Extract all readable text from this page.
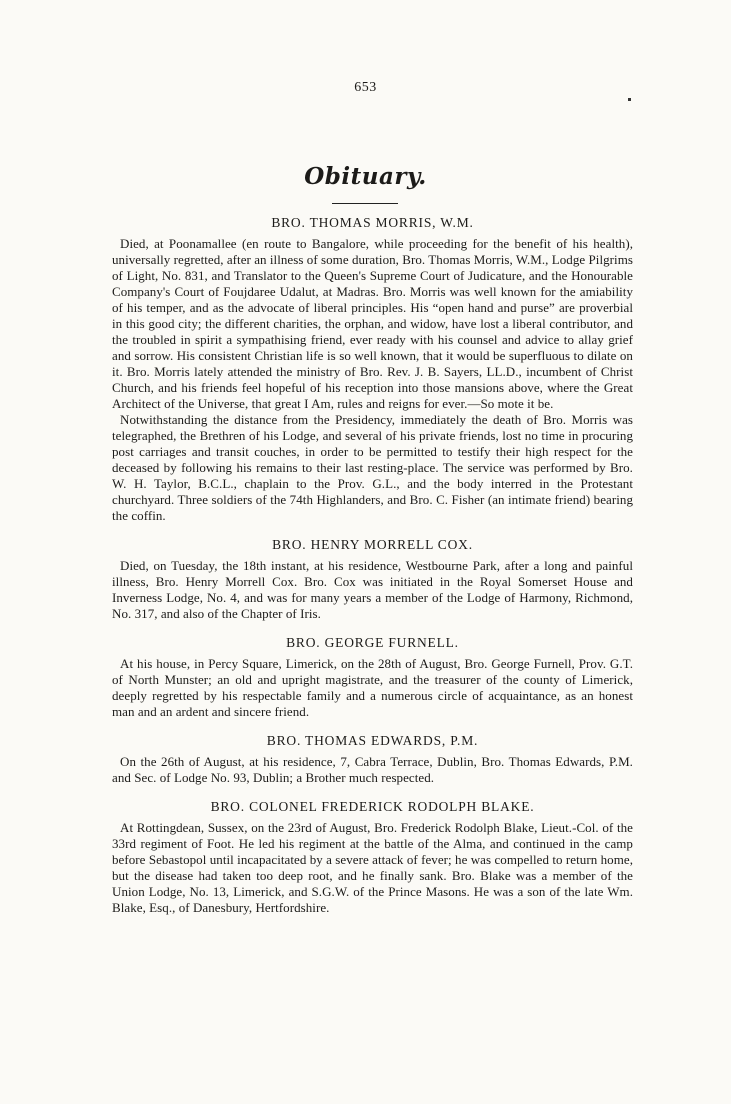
653
Obituary.
BRO. THOMAS MORRIS, W.M.

Died, at Poonamallee (en route to Bangalore, while proceeding for the benefit of his health), universally regretted, after an illness of some duration, Bro. Thomas Morris, W.M., Lodge Pilgrims of Light, No. 831, and Translator to the Queen's Supreme Court of Judicature, and the Honourable Company's Court of Foujdaree Udalut, at Madras. Bro. Morris was well known for the amiability of his temper, and as the advocate of liberal principles. His “open hand and purse” are proverbial in this good city; the different charities, the orphan, and widow, have lost a liberal contributor, and the troubled in spirit a sympathising friend, ever ready with his counsel and advice to allay grief and sorrow. His consistent Christian life is so well known, that it would be superfluous to dilate on it. Bro. Morris lately attended the ministry of Bro. Rev. J. B. Sayers, LL.D., incumbent of Christ Church, and his friends feel hopeful of his reception into those mansions above, where the Great Architect of the Universe, that great I Am, rules and reigns for ever.—So mote it be.

Notwithstanding the distance from the Presidency, immediately the death of Bro. Morris was telegraphed, the Brethren of his Lodge, and several of his private friends, lost no time in procuring post carriages and transit couches, in order to be permitted to testify their high respect for the deceased by following his remains to their last resting-place. The service was performed by Bro. W. H. Taylor, B.C.L., chaplain to the Prov. G.L., and the body interred in the Protestant churchyard. Three soldiers of the 74th Highlanders, and Bro. C. Fisher (an intimate friend) bearing the coffin.

BRO. HENRY MORRELL COX.

Died, on Tuesday, the 18th instant, at his residence, Westbourne Park, after a long and painful illness, Bro. Henry Morrell Cox. Bro. Cox was initiated in the Royal Somerset House and Inverness Lodge, No. 4, and was for many years a member of the Lodge of Harmony, Richmond, No. 317, and also of the Chapter of Iris.

BRO. GEORGE FURNELL.

At his house, in Percy Square, Limerick, on the 28th of August, Bro. George Furnell, Prov. G.T. of North Munster; an old and upright magistrate, and the treasurer of the county of Limerick, deeply regretted by his respectable family and a numerous circle of acquaintance, as an honest man and an ardent and sincere friend.

BRO. THOMAS EDWARDS, P.M.

On the 26th of August, at his residence, 7, Cabra Terrace, Dublin, Bro. Thomas Edwards, P.M. and Sec. of Lodge No. 93, Dublin; a Brother much respected.

BRO. COLONEL FREDERICK RODOLPH BLAKE.

At Rottingdean, Sussex, on the 23rd of August, Bro. Frederick Rodolph Blake, Lieut.-Col. of the 33rd regiment of Foot. He led his regiment at the battle of the Alma, and continued in the camp before Sebastopol until incapacitated by a severe attack of fever; he was compelled to return home, but the disease had taken too deep root, and he finally sank. Bro. Blake was a member of the Union Lodge, No. 13, Limerick, and S.G.W. of the Prince Masons. He was a son of the late Wm. Blake, Esq., of Danesbury, Hertfordshire.
